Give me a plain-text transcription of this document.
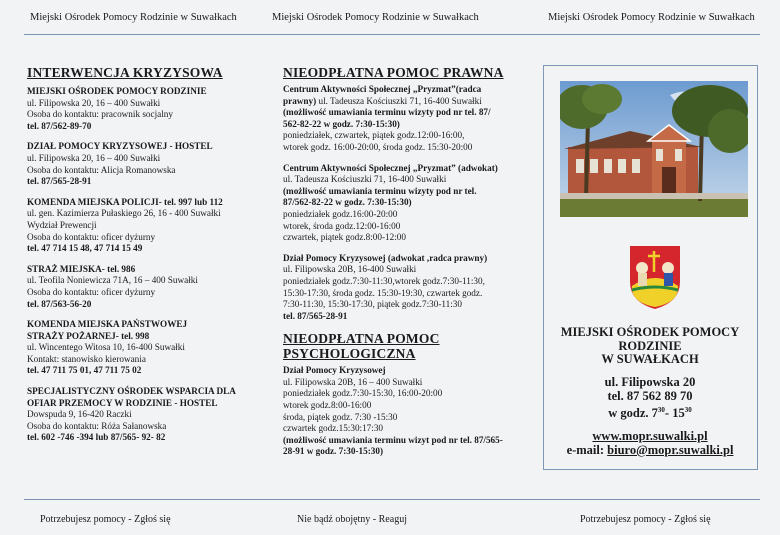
Miejski Ośrodek Pomocy Rodzinie w Suwałkach	Miejski Ośrodek Pomocy Rodzinie w Suwałkach	Miejski Ośrodek Pomocy Rodzinie w Suwałkach
INTERWENCJA KRYZYSOWA

MIEJSKI OŚRODEK POMOCY RODZINIE

ul. Filipowska 20, 16 – 400 Suwałki

Osoba do kontaktu: pracownik socjalny

tel. 87/562-89-70

DZIAŁ POMOCY KRYZYSOWEJ - HOSTEL

ul. Filipowska 20, 16 – 400 Suwałki

Osoba do kontaktu: Alicja Romanowska

tel. 87/565-28-91

KOMENDA MIEJSKA POLICJI- tel. 997 lub 112

ul. gen. Kazimierza Pułaskiego 26, 16 - 400 Suwałki

Wydział Prewencji

Osoba do kontaktu: oficer dyżurny

tel. 47 714 15 48, 47 714 15 49

STRAŻ MIEJSKA- tel. 986

ul. Teofila Noniewicza 71A, 16 – 400 Suwałki

Osoba do kontaktu: oficer dyżurny

tel. 87/563-56-20

KOMENDA MIEJSKA PAŃSTWOWEJ STRAŻY POŻARNEJ- tel. 998

ul. Wincentego Witosa 10, 16-400 Suwałki

Kontakt: stanowisko kierowania

tel. 47 711 75 01, 47 711 75 02

SPECJALISTYCZNY OŚRODEK WSPARCIA DLA OFIAR PRZEMOCY W RODZINIE - HOSTEL

Dowspuda 9, 16-420 Raczki

Osoba do kontaktu: Róża Sałanowska

tel. 602 -746 -394 lub 87/565- 92- 82

NIEODPŁATNA POMOC PRAWNA

Centrum Aktywności Społecznej „Pryzmat”(radca prawny) ul. Tadeusza Kościuszki 71, 16-400 Suwałki

(możliwość umawiania terminu wizyty pod nr tel. 87/ 562-82-22 w godz. 7:30-15:30)

poniedziałek, czwartek, piątek godz.12:00-16:00,

wtorek godz. 16:00-20:00, środa godz. 15:30-20:00

Centrum Aktywności Społecznej „Pryzmat” (adwokat)

ul. Tadeusza Kościuszki 71, 16-400 Suwałki

(możliwość umawiania terminu wizyty pod nr tel. 87/562-82-22 w godz. 7:30-15:30)

poniedziałek godz.16:00-20:00

wtorek, środa godz.12:00-16:00

czwartek, piątek godz.8:00-12:00

Dział Pomocy Kryzysowej (adwokat ,radca prawny)

ul. Filipowska 20B, 16-400 Suwałki

poniedziałek godz.7:30-11:30,wtorek godz.7:30-11:30,

15:30-17:30, środa godz. 15:30-19:30, czwartek godz.

7:30-11:30, 15:30-17:30, piątek godz.7:30-11:30

tel. 87/565-28-91

NIEODPŁATNA POMOC PSYCHOLOGICZNA

Dział Pomocy Kryzysowej

ul. Filipowska 20B, 16 – 400 Suwałki

poniedziałek godz.7:30-15:30, 16:00-20:00

wtorek godz.8:00-16:00

środa, piątek godz. 7:30 -15:30

czwartek godz.15:30:17:30

(możliwość umawiania terminu wizyt pod nr tel. 87/565-28-91 w godz. 7:30-15:30)

MIEJSKI OŚRODEK POMOCY
RODZINIE
W SUWAŁKACH
ul. Filipowska 20
tel. 87 562 89 70
w godz. $7^{30}-$ $15^{30}$
www.mopr.suwalki.pl
e-mail: biuro@mopr.suwalki.pl
Potrzebujesz pomocy - Zgłoś się	Nie bądź obojętny - Reaguj	Potrzebujesz pomocy - Zgłoś się
